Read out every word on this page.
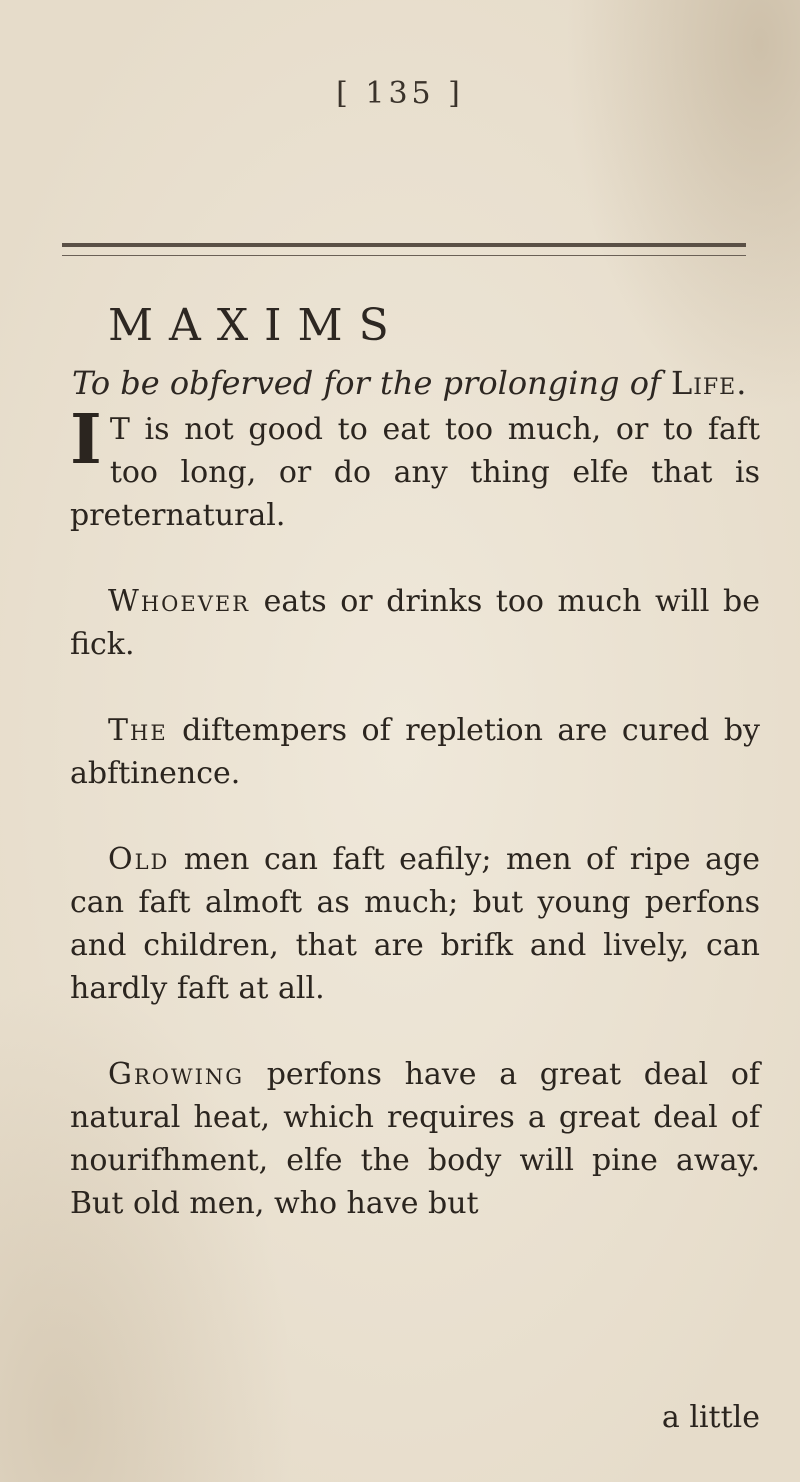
[ 135 ]
MAXIMS
To be obferved for the prolonging of Life.

I T is not good to eat too much, or to faft too long, or do any thing elfe that is preternatural.

Whoever eats or drinks too much will be fick.

The diftempers of repletion are cured by abftinence.

Old men can faft eafily; men of ripe age can faft almoft as much; but young perfons and children, that are brifk and lively, can hardly faft at all.

Growing perfons have a great deal of natural heat, which requires a great deal of nourifhment, elfe the body will pine away. But old men, who have but

a little
